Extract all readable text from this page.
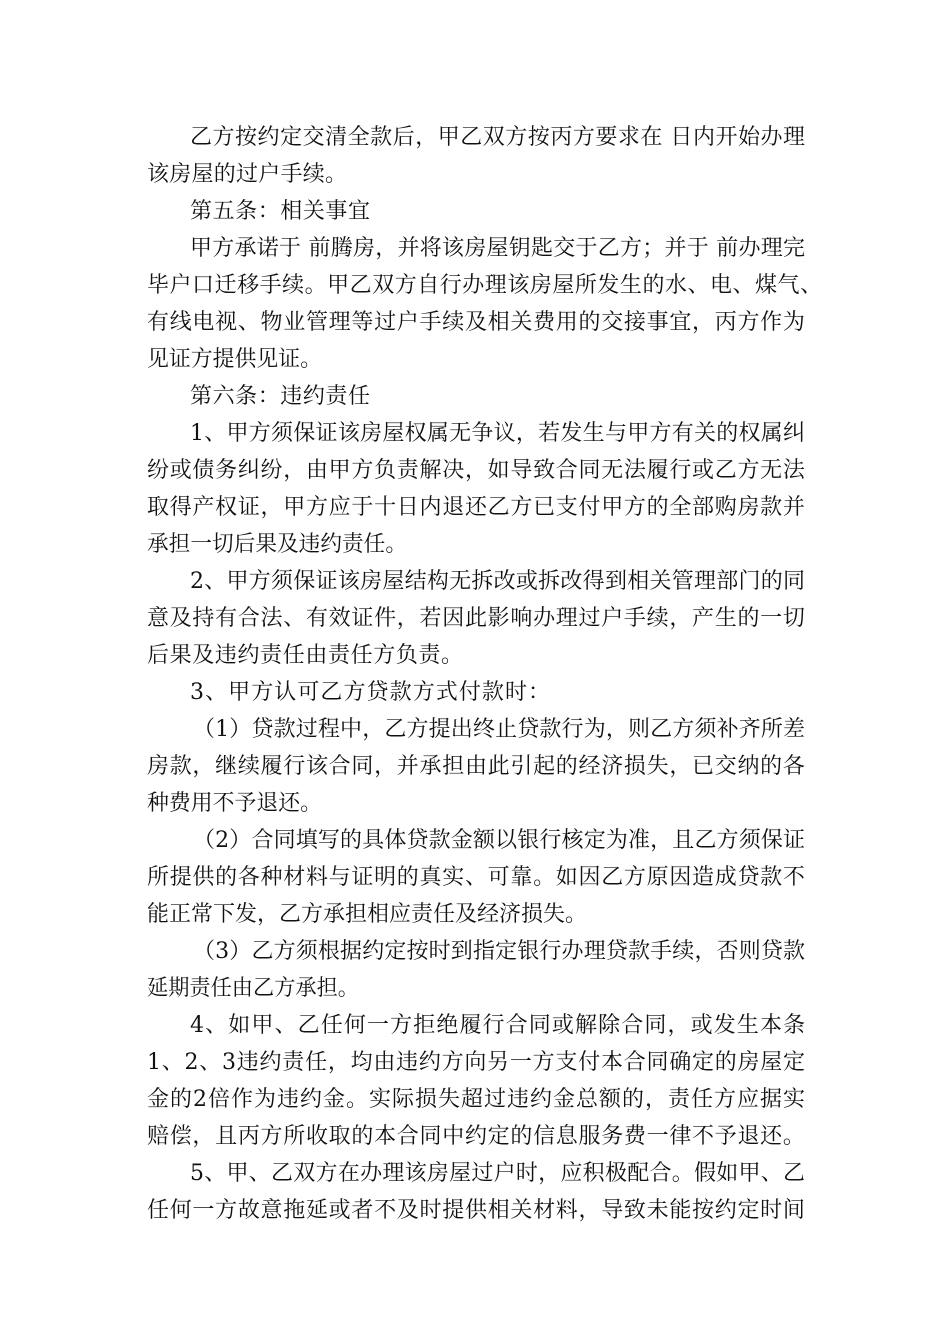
乙方按约定交清全款后，甲乙双方按丙方要求在 日内开始办理
该房屋的过户手续。
第五条：相关事宜
甲方承诺于 前腾房，并将该房屋钥匙交于乙方；并于 前办理完
毕户口迁移手续。甲乙双方自行办理该房屋所发生的水、电、煤气、
有线电视、物业管理等过户手续及相关费用的交接事宜，丙方作为
见证方提供见证。
第六条：违约责任
1、甲方须保证该房屋权属无争议，若发生与甲方有关的权属纠
纷或债务纠纷，由甲方负责解决，如导致合同无法履行或乙方无法
取得产权证，甲方应于十日内退还乙方已支付甲方的全部购房款并
承担一切后果及违约责任。
2、甲方须保证该房屋结构无拆改或拆改得到相关管理部门的同
意及持有合法、有效证件，若因此影响办理过户手续，产生的一切
后果及违约责任由责任方负责。
3、甲方认可乙方贷款方式付款时：
（1）贷款过程中，乙方提出终止贷款行为，则乙方须补齐所差
房款，继续履行该合同，并承担由此引起的经济损失，已交纳的各
种费用不予退还。
（2）合同填写的具体贷款金额以银行核定为准，且乙方须保证
所提供的各种材料与证明的真实、可靠。如因乙方原因造成贷款不
能正常下发，乙方承担相应责任及经济损失。
（3）乙方须根据约定按时到指定银行办理贷款手续，否则贷款
延期责任由乙方承担。
4、如甲、乙任何一方拒绝履行合同或解除合同，或发生本条
1、2、3违约责任，均由违约方向另一方支付本合同确定的房屋定
金的2倍作为违约金。实际损失超过违约金总额的，责任方应据实
赔偿，且丙方所收取的本合同中约定的信息服务费一律不予退还。
5、甲、乙双方在办理该房屋过户时，应积极配合。假如甲、乙
任何一方故意拖延或者不及时提供相关材料，导致未能按约定时间
